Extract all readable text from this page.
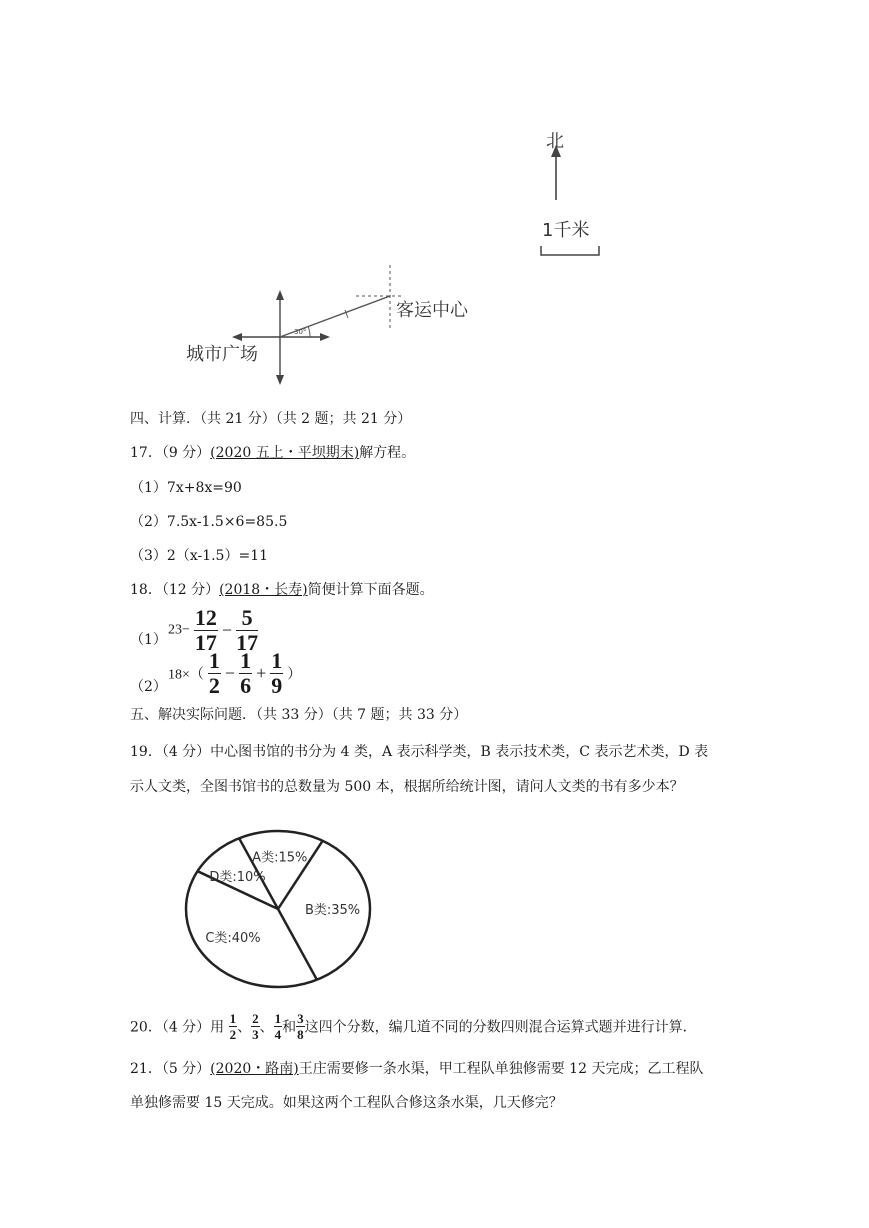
北
1千米
30°
客运中心
城市广场
四、计算．（共 21 分）（共 2 题；共 21 分）
17．（9 分）(2020 五上・平坝期末)解方程。
（1）7x+8x=90
（2）7.5x-1.5×6=85.5
（3）2（x-1.5）=11
18．（12 分）(2018・长寿)简便计算下面各题。
（1）
$23- \frac{12}{17} - \frac{5}{17}$
（2）
$18\times( \frac{1}{2} - \frac{1}{6} + \frac{1}{9}$ ）
五、解决实际问题．（共 33 分）（共 7 题；共 33 分）
19．（4 分）中心图书馆的书分为 4 类，A 表示科学类，B 表示技术类，C 表示艺术类，D 表
示人文类，全图书馆书的总数量为 500 本，根据所给统计图，请问人文类的书有多少本？
A类:15%
B类:35%
C类:40%
D类:10%
20．（4 分）用 $\frac{1}{2}$ 、 $\frac{2}{3}$ 、 $\frac{1}{4}$ 和 $\frac{3}{8}$ 这四个分数，编几道不同的分数四则混合运算式题并进行计算．
21．（5 分）(2020・路南)王庄需要修一条水渠，甲工程队单独修需要 12 天完成；乙工程队
单独修需要 15 天完成。如果这两个工程队合修这条水渠，几天修完？
